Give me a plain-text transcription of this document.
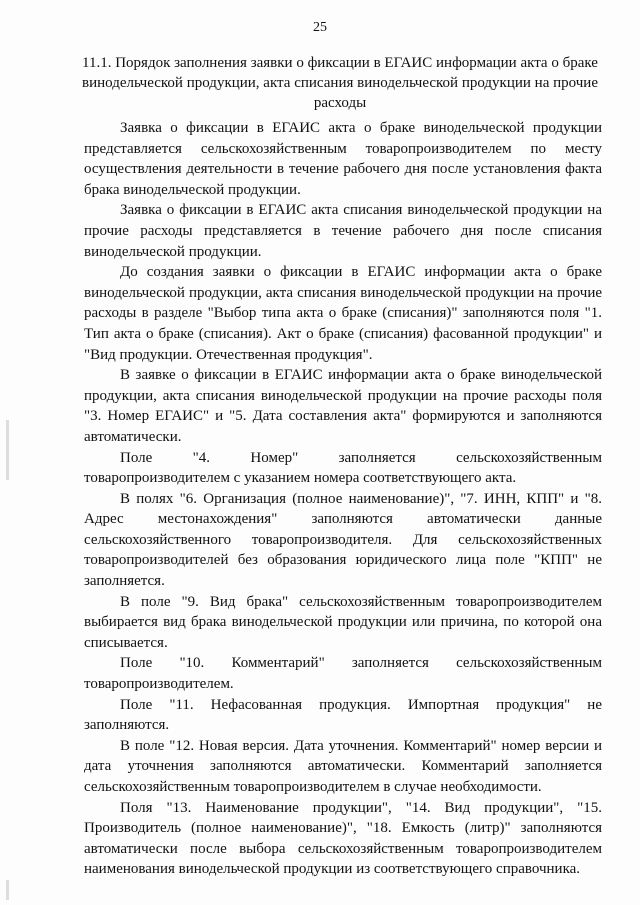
25
11.1. Порядок заполнения заявки о фиксации в ЕГАИС информации акта о браке винодельческой продукции, акта списания винодельческой продукции на прочие расходы

Заявка о фиксации в ЕГАИС акта о браке винодельческой продукции представляется сельскохозяйственным товаропроизводителем по месту осуществления деятельности в течение рабочего дня после установления факта брака винодельческой продукции.

Заявка о фиксации в ЕГАИС акта списания винодельческой продукции на прочие расходы представляется в течение рабочего дня после списания винодельческой продукции.

До создания заявки о фиксации в ЕГАИС информации акта о браке винодельческой продукции, акта списания винодельческой продукции на прочие расходы в разделе "Выбор типа акта о браке (списания)" заполняются поля "1. Тип акта о браке (списания). Акт о браке (списания) фасованной продукции" и "Вид продукции. Отечественная продукция".

В заявке о фиксации в ЕГАИС информации акта о браке винодельческой продукции, акта списания винодельческой продукции на прочие расходы поля "3. Номер ЕГАИС" и "5. Дата составления акта" формируются и заполняются автоматически.

Поле "4. Номер" заполняется сельскохозяйственным товаропроизводителем с указанием номера соответствующего акта.

В полях "6. Организация (полное наименование)", "7. ИНН, КПП" и "8. Адрес местонахождения" заполняются автоматически данные сельскохозяйственного товаропроизводителя. Для сельскохозяйственных товаропроизводителей без образования юридического лица поле "КПП" не заполняется.

В поле "9. Вид брака" сельскохозяйственным товаропроизводителем выбирается вид брака винодельческой продукции или причина, по которой она списывается.

Поле "10. Комментарий" заполняется сельскохозяйственным товаропроизводителем.

Поле "11. Нефасованная продукция. Импортная продукция" не заполняются.

В поле "12. Новая версия. Дата уточнения. Комментарий" номер версии и дата уточнения заполняются автоматически. Комментарий заполняется сельскохозяйственным товаропроизводителем в случае необходимости.

Поля "13. Наименование продукции", "14. Вид продукции", "15. Производитель (полное наименование)", "18. Емкость (литр)" заполняются автоматически после выбора сельскохозяйственным товаропроизводителем наименования винодельческой продукции из соответствующего справочника.
